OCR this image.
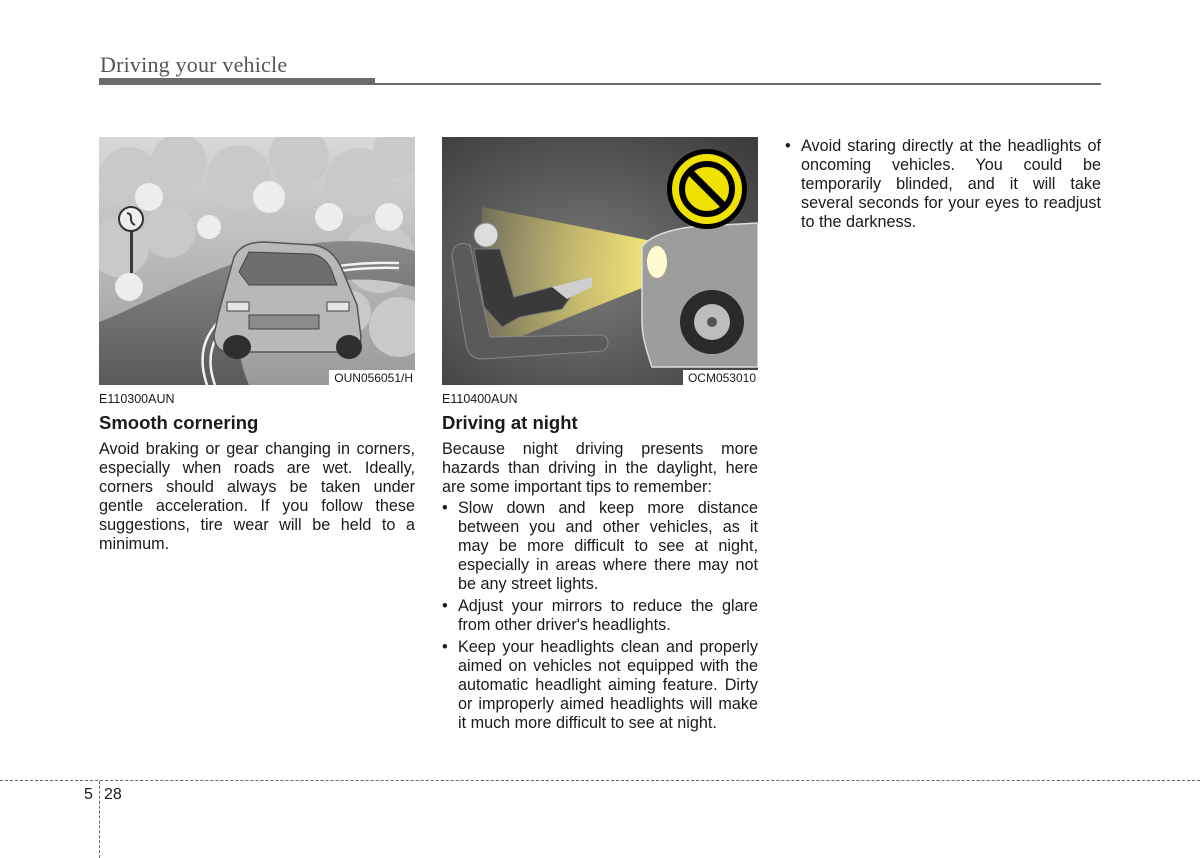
Driving your vehicle
OUN056051/H
E110300AUN
Smooth cornering
Avoid braking or gear changing in corners, especially when roads are wet. Ideally, corners should always be taken under gentle acceleration. If you follow these suggestions, tire wear will be held to a minimum.
OCM053010
E110400AUN
Driving at night
Because night driving presents more hazards than driving in the daylight, here are some important tips to remember:
• Slow down and keep more distance between you and other vehicles, as it may be more difficult to see at night, especially in areas where there may not be any street lights.
• Adjust your mirrors to reduce the glare from other driver's headlights.
• Keep your headlights clean and properly aimed on vehicles not equipped with the automatic headlight aiming feature. Dirty or improperly aimed headlights will make it much more difficult to see at night.
• Avoid staring directly at the headlights of oncoming vehicles. You could be temporarily blinded, and it will take several seconds for your eyes to readjust to the darkness.
5 28
